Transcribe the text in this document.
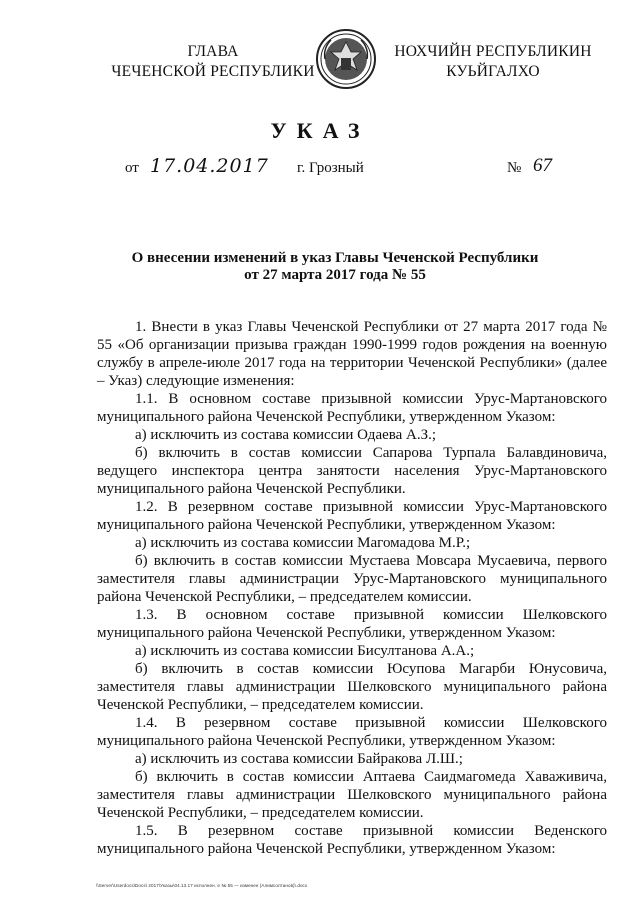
ГЛАВА
ЧЕЧЕНСКОЙ РЕСПУБЛИКИ
НОХЧИЙН РЕСПУБЛИКИН
КУЬЙГАЛХО
УКАЗ
от 17.04.2017 г. Грозный	№ 67
О внесении изменений в указ Главы Чеченской Республики
от 27 марта 2017 года № 55

1. Внести в указ Главы Чеченской Республики от 27 марта 2017 года № 55 «Об организации призыва граждан 1990-1999 годов рождения на военную службу в апреле-июле 2017 года на территории Чеченской Республики» (далее – Указ) следующие изменения:

1.1. В основном составе призывной комиссии Урус-Мартановского муниципального района Чеченской Республики, утвержденном Указом:

а) исключить из состава комиссии Одаева А.З.;

б) включить в состав комиссии Сапарова Турпала Балавдиновича, ведущего инспектора центра занятости населения Урус-Мартановского муниципального района Чеченской Республики.

1.2. В резервном составе призывной комиссии Урус-Мартановского муниципального района Чеченской Республики, утвержденном Указом:

а) исключить из состава комиссии Магомадова М.Р.;

б) включить в состав комиссии Мустаева Мовсара Мусаевича, первого заместителя главы администрации Урус-Мартановского муниципального района Чеченской Республики, – председателем комиссии.

1.3. В основном составе призывной комиссии Шелковского муниципального района Чеченской Республики, утвержденном Указом:

а) исключить из состава комиссии Бисултанова А.А.;

б) включить в состав комиссии Юсупова Магарби Юнусовича, заместителя главы администрации Шелковского муниципального района Чеченской Республики, – председателем комиссии.

1.4. В резервном составе призывной комиссии Шелковского муниципального района Чеченской Республики, утвержденном Указом:

а) исключить из состава комиссии Байракова Л.Ш.;

б) включить в состав комиссии Аптаева Саидмагомеда Хаваживича, заместителя главы администрации Шелковского муниципального района Чеченской Республики, – председателем комиссии.

1.5. В резервном составе призывной комиссии Веденского муниципального района Чеченской Республики, утвержденном Указом:

\\Server\Userdocs\Docs\ 2017\Указы\04.13.17 исполнен. е № 55 — изменен (Алимсолтанов)\.docx
